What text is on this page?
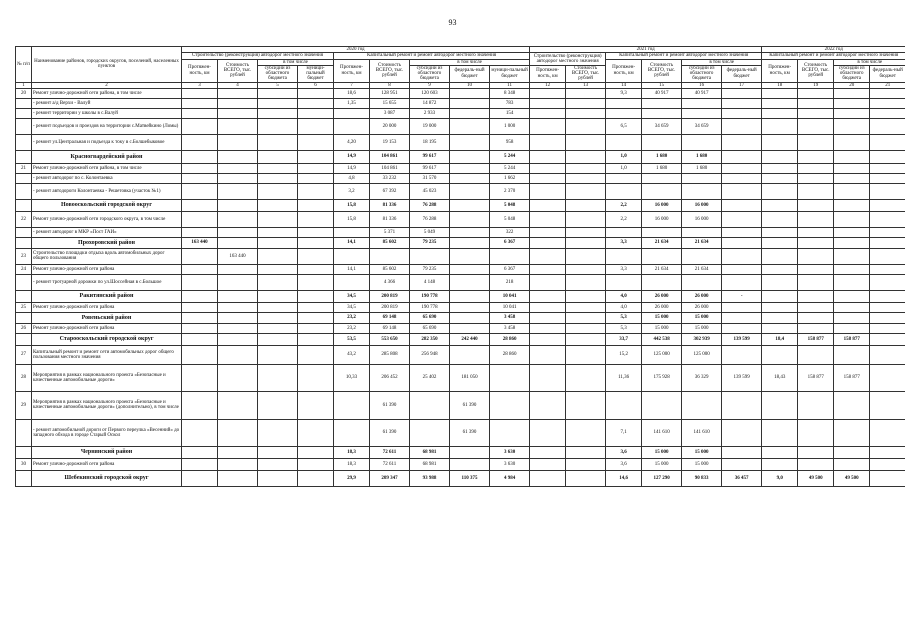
93
№ п/п	Наименование районов, городских округов, поселений, населенных пунктов	2020 год									2021 год						2022 год			
		Строительство (реконструкция) автодорог местного значения				Капитальный ремонт и ремонт автодорог местного значения					Строительство (реконструкция) автодорог местного значения		Капитальный ремонт и ремонт автодорог местного значения				Капитальный ремонт и ремонт автодорог местного значения			
		Протяжен-ность, км	Стоимость ВСЕГО, тыс. рублей	в том числе		Протяжен-ность, км	Стоимость ВСЕГО, тыс. рублей	в том числе					Протяжен-ность, км	Стоимость ВСЕГО, тыс. рублей	в том числе		Протяжен-ность, км	Стоимость ВСЕГО, тыс. рублей	в том числе	
				субсидии из областного бюджета	муници-пальный бюджет			субсидии из областного бюджета	федераль-ный бюджет	муници-пальный бюджет	Протяжен-ность, км	Стоимость ВСЕГО, тыс. рублей			субсидии из областного бюджета	федераль-ный бюджет			субсидии из областного бюджета	федераль-ный бюджет
1	2	3	4	5	6	7	8	9	10	11	12	13	14	15	16	17	18	19	20	21
20	Ремонт улично-дорожной сети района, в том числе					18,6	128 951	120 603		8 348			9,3	40 917	40 917					
	- ремонт а/д Верхи - Валуй					1,35	15 655	14 872		783										
	- ремонт территории у школы в с.Валуй						3 087	2 933		154										
	- ремонт подъездов и проездов на территории с.Матвейкино (Ломы)						20 000	19 000		1 000			6,5	34 659	34 659					
	- ремонт ул.Центральная и подъезда к току в с.Болшебыковое					4,20	19 153	18 195		958										
	Красногвардейский район					14,9	104 861	99 617		5 244			1,0	1 680	1 680					
21	Ремонт улично-дорожной сети района, в том числе					14,9	104 861	99 617		5 244			1,0	1 680	1 680					
	- ремонт автодорог по с. Колонтаевка					4,8	33 232	31 570		1 662										
	- ремонт автодороги Колонтаевка - Решетовка (участок №1)					3,2	67 392	45 023		2 370										
	Новооскольский городской округ					15,8	81 336	76 288		5 048			2,2	16 000	16 000					
22	Ремонт улично-дорожной сети городского округа, в том числе					15,8	81 336	76 288		5 048			2,2	16 000	16 000					
	- ремонт автодорог в МКР «Пост ГАИ»						5 371	5 049		322										
	Прохоровский район	163 440				14,1	85 602	79 235		6 367			3,3	21 634	21 634					
23	Строительство площадки отдыха вдоль автомобильных дорог общего пользования		163 440																	
24	Ремонт улично-дорожной сети района					14,1	85 602	79 235		6 367			3,3	21 634	21 634					
	- ремонт тротуарной дорожки по ул.Шоссейная в с.Большое						4 366	4 148		218										
	Ракитянский район					34,5	200 819	190 778		10 041			4,0	26 000	26 000	-				
25	Ремонт улично-дорожной сети района					34,5	200 819	190 778		10 041			4,0	26 000	26 000					
	Ровеньский район					23,2	69 148	65 690		3 458			5,3	15 000	15 000					
26	Ремонт улично-дорожной сети района					23,2	69 148	65 690		3 458			5,3	15 000	15 000					
	Старооскольский городской округ					53,5	553 650	282 350	242 440	28 860			33,7	442 538	302 939	139 599	18,4	158 877	158 877	
27	Капитальный ремонт и ремонт сети автомобильных дорог общего пользования местного значения					43,2	285 808	256 948		28 860			15,2	125 000	125 000					
28	Мероприятия в рамках национального проекта «Безопасные и качественные автомобильные дороги»					10,33	206 452	25 402	181 050				11,36	175 928	36 329	139 599	18,43	158 877	158 877	
29	Мероприятия в рамках национального проекта «Безопасные и качественные автомобильные дороги» (дополнительно), в том числе						61 390		61 390											
	- ремонт автомобильной дороги от Первого переулка «Весенний» до западного обхода в городе Старый Оскол						61 390		61 390				7,1	141 610	141 610					
	Чернянский район					18,3	72 611	68 981		3 630			3,6	15 000	15 000					
30	Ремонт улично-дорожной сети района					18,3	72 611	68 981		3 630			3,6	15 000	15 000					
	Шебекинский городской округ					29,9	209 347	93 988	110 375	4 984			14,6	127 290	90 833	36 457	9,0	49 500	49 500	
